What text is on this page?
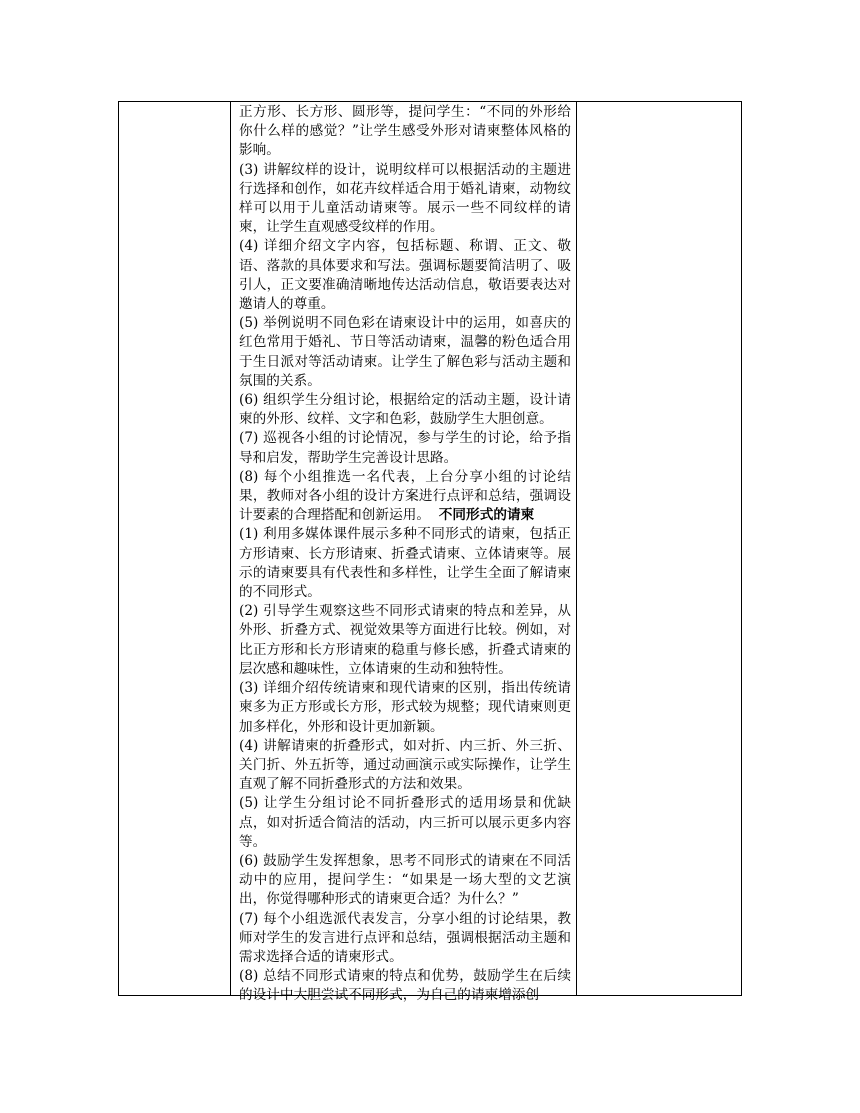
正方形、长方形、圆形等，提问学生：“不同的外形给你什么样的感觉？”让学生感受外形对请柬整体风格的影响。

(3) 讲解纹样的设计，说明纹样可以根据活动的主题进行选择和创作，如花卉纹样适合用于婚礼请柬，动物纹样可以用于儿童活动请柬等。展示一些不同纹样的请柬，让学生直观感受纹样的作用。

(4) 详细介绍文字内容，包括标题、称谓、正文、敬语、落款的具体要求和写法。强调标题要简洁明了、吸引人，正文要准确清晰地传达活动信息，敬语要表达对邀请人的尊重。

(5) 举例说明不同色彩在请柬设计中的运用，如喜庆的红色常用于婚礼、节日等活动请柬，温馨的粉色适合用于生日派对等活动请柬。让学生了解色彩与活动主题和氛围的关系。

(6) 组织学生分组讨论，根据给定的活动主题，设计请柬的外形、纹样、文字和色彩，鼓励学生大胆创意。

(7) 巡视各小组的讨论情况，参与学生的讨论，给予指导和启发，帮助学生完善设计思路。

(8) 每个小组推选一名代表，上台分享小组的讨论结果，教师对各小组的设计方案进行点评和总结，强调设计要素的合理搭配和创新运用。 不同形式的请柬

(1) 利用多媒体课件展示多种不同形式的请柬，包括正方形请柬、长方形请柬、折叠式请柬、立体请柬等。展示的请柬要具有代表性和多样性，让学生全面了解请柬的不同形式。

(2) 引导学生观察这些不同形式请柬的特点和差异，从外形、折叠方式、视觉效果等方面进行比较。例如，对比正方形和长方形请柬的稳重与修长感，折叠式请柬的层次感和趣味性，立体请柬的生动和独特性。

(3) 详细介绍传统请柬和现代请柬的区别，指出传统请柬多为正方形或长方形，形式较为规整；现代请柬则更加多样化，外形和设计更加新颖。

(4) 讲解请柬的折叠形式，如对折、内三折、外三折、关门折、外五折等，通过动画演示或实际操作，让学生直观了解不同折叠形式的方法和效果。

(5) 让学生分组讨论不同折叠形式的适用场景和优缺点，如对折适合简洁的活动，内三折可以展示更多内容等。

(6) 鼓励学生发挥想象，思考不同形式的请柬在不同活动中的应用，提问学生：“如果是一场大型的文艺演出，你觉得哪种形式的请柬更合适？为什么？”

(7) 每个小组选派代表发言，分享小组的讨论结果，教师对学生的发言进行点评和总结，强调根据活动主题和需求选择合适的请柬形式。

(8) 总结不同形式请柬的特点和优势，鼓励学生在后续的设计中大胆尝试不同形式，为自己的请柬增添创
